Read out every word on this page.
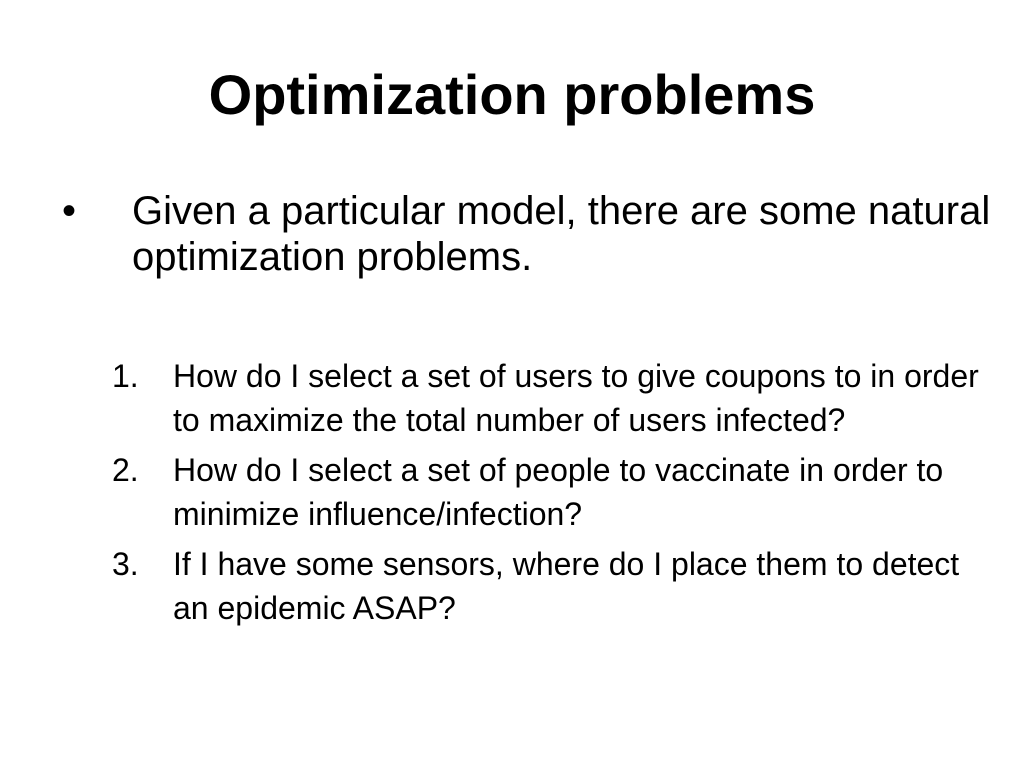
Optimization problems
• Given a particular model, there are some natural optimization problems.
1. How do I select a set of users to give coupons to in order to maximize the total number of users infected?
2. How do I select a set of people to vaccinate in order to minimize influence/infection?
3. If I have some sensors, where do I place them to detect an epidemic ASAP?
